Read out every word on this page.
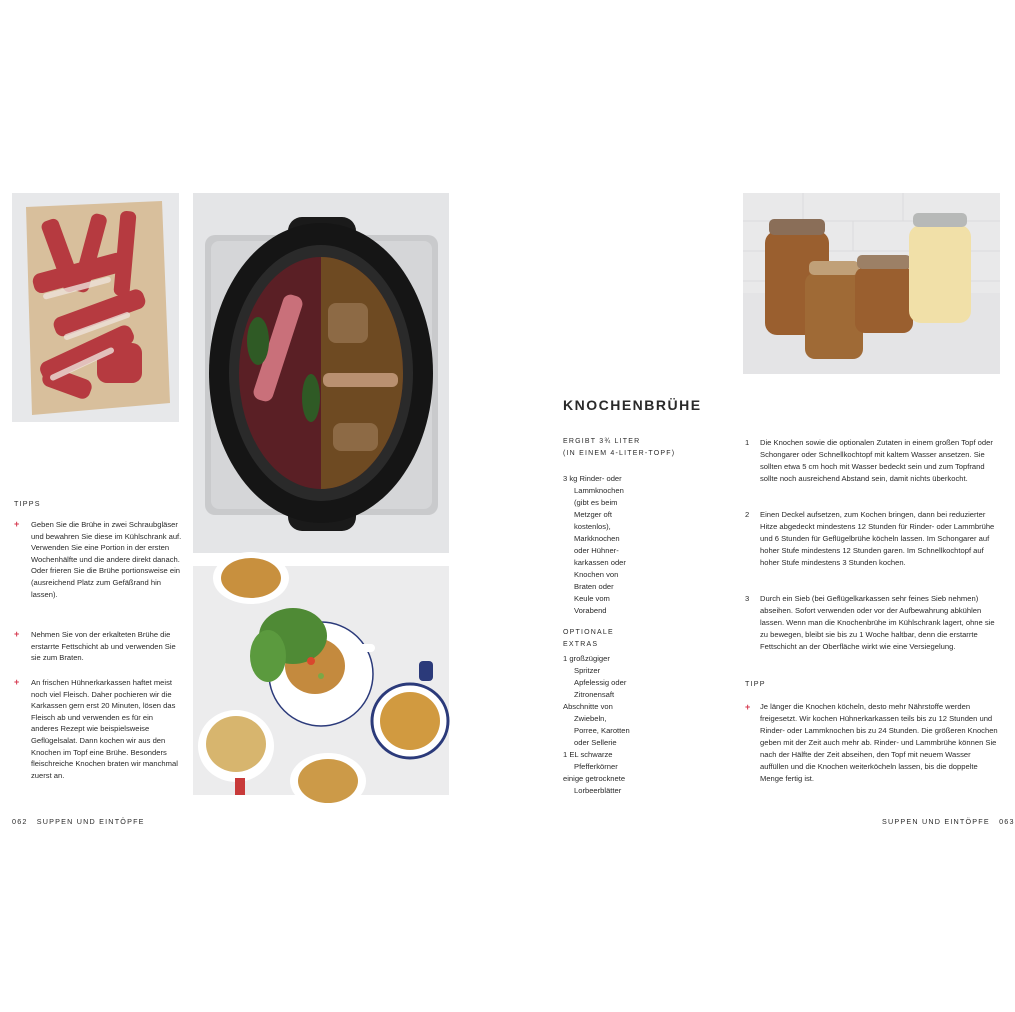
TIPPS
+	Geben Sie die Brühe in zwei Schraubgläser und bewahren Sie diese im Kühlschrank auf. Verwenden Sie eine Portion in der ersten Wochenhälfte und die andere direkt danach. Oder frieren Sie die Brühe portionsweise ein (ausreichend Platz zum Gefäßrand hin lassen).
+	Nehmen Sie von der erkalteten Brühe die erstarrte Fettschicht ab und verwenden Sie sie zum Braten.
+	An frischen Hühnerkarkassen haftet meist noch viel Fleisch. Daher pochieren wir die Karkassen gern erst 20 Minuten, lösen das Fleisch ab und verwenden es für ein anderes Rezept wie beispielsweise Geflügelsalat. Dann kochen wir aus den Knochen im Topf eine Brühe. Besonders fleischreiche Knochen braten wir manchmal zuerst an.
062 SUPPEN UND EINTÖPFE
KNOCHENBRÜHE
ERGIBT 3¾ LITER
(IN EINEM 4-LITER-TOPF)
3 kg Rinder- oder
Lammknochen
(gibt es beim
Metzger oft
kostenlos),
Markknochen
oder Hühner-
karkassen oder
Knochen von
Braten oder
Keule vom
Vorabend
OPTIONALE
EXTRAS
1 großzügiger
Spritzer
Apfelessig oder
Zitronensaft
Abschnitte von
Zwiebeln,
Porree, Karotten
oder Sellerie
1 EL schwarze
Pfefferkörner
einige getrocknete
Lorbeerblätter
1	Die Knochen sowie die optionalen Zutaten in einem großen Topf oder Schongarer oder Schnellkochtopf mit kaltem Wasser ansetzen. Sie sollten etwa 5 cm hoch mit Wasser bedeckt sein und zum Topfrand sollte noch ausreichend Abstand sein, damit nichts überkocht.
2	Einen Deckel aufsetzen, zum Kochen bringen, dann bei reduzierter Hitze abgedeckt mindestens 12 Stunden für Rinder- oder Lammbrühe und 6 Stunden für Geflügelbrühe köcheln lassen. Im Schongarer auf hoher Stufe mindestens 12 Stunden garen. Im Schnellkochtopf auf hoher Stufe mindestens 3 Stunden kochen.
3	Durch ein Sieb (bei Geflügelkarkassen sehr feines Sieb nehmen) abseihen. Sofort verwenden oder vor der Aufbewahrung abkühlen lassen. Wenn man die Knochenbrühe im Kühlschrank lagert, ohne sie zu bewegen, bleibt sie bis zu 1 Woche haltbar, denn die erstarrte Fettschicht an der Oberfläche wirkt wie eine Versiegelung.
TIPP
+	Je länger die Knochen köcheln, desto mehr Nährstoffe werden freigesetzt. Wir kochen Hühnerkarkassen teils bis zu 12 Stunden und Rinder- oder Lammknochen bis zu 24 Stunden. Die größeren Knochen geben mit der Zeit auch mehr ab. Rinder- und Lammbrühe können Sie nach der Hälfte der Zeit abseihen, den Topf mit neuem Wasser auffüllen und die Knochen weiterköcheln lassen, bis die doppelte Menge fertig ist.
SUPPEN UND EINTÖPFE 063
